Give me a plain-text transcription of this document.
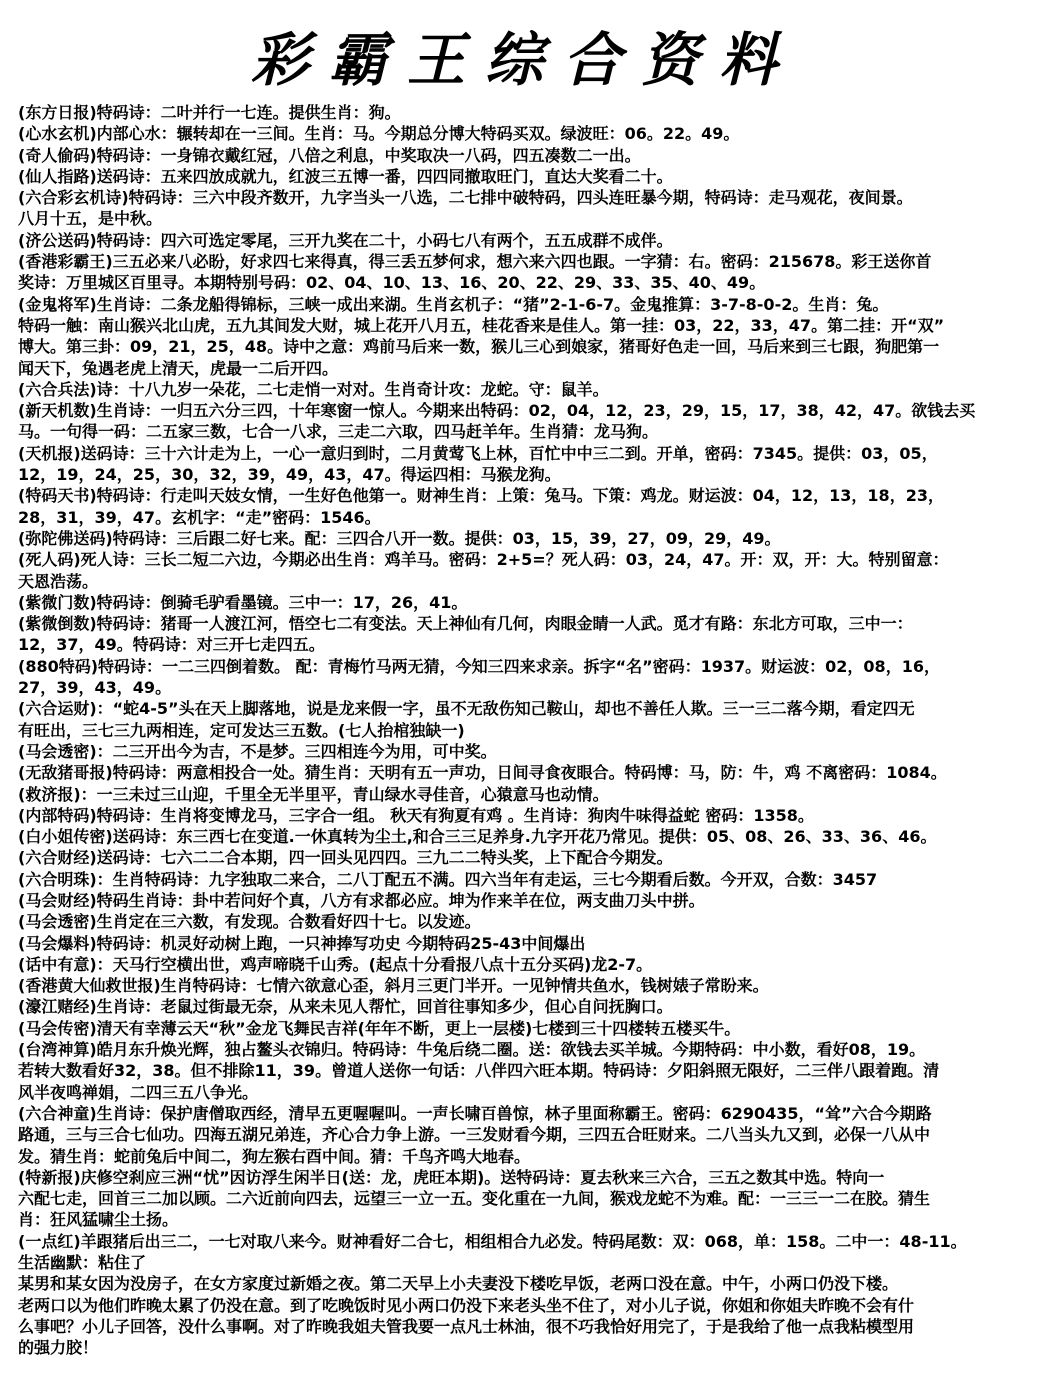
彩霸王综合资料
(东方日报)特码诗：二叶并行一七连。提供生肖：狗。
(心水玄机)内部心水：辗转却在一三间。生肖：马。今期总分博大特码买双。绿波旺：06。22。49。
(奇人偷码)特码诗：一身锦衣戴红冠，八倍之利息，中奖取决一八码，四五凑数二一出。
(仙人指路)送码诗：五来四放成就九，红波三五博一番，四四同撤取旺门，直达大奖看二十。
(六合彩玄机诗)特码诗：三六中段齐数开，九字当头一八选，二七排中破特码，四头连旺暴今期，特码诗：走马观花，夜间景。
八月十五，是中秋。
(济公送码)特码诗：四六可选定零尾，三开九奖在二十，小码七八有两个，五五成群不成伴。
(香港彩霸王)三五必来八必盼，好求四七来得真，得三丢五梦何求，想六来六四也跟。一字猜：右。密码：215678。彩王送你首
奖诗：万里城区百里寻。本期特别号码：02、04、10、13、16、20、22、29、33、35、40、49。
(金鬼将军)生肖诗：二条龙船得锦标，三峡一成出来湖。生肖玄机子：“猪”2-1-6-7。金鬼推算：3-7-8-0-2。生肖：兔。
特码一触：南山猴兴北山虎，五九其间发大财，城上花开八月五，桂花香来是佳人。第一挂：03，22，33，47。第二挂：开“双”
博大。第三卦：09，21，25，48。诗中之意：鸡前马后来一数，猴儿三心到娘家，猪哥好色走一回，马后来到三七跟，狗肥第一
闻天下，兔遇老虎上清天，虎最一二后开四。
(六合兵法)诗：十八九岁一朵花，二七走悄一对对。生肖奇计攻：龙蛇。守：鼠羊。
(新天机数)生肖诗：一归五六分三四，十年寒窗一惊人。今期来出特码：02，04，12，23，29，15，17，38，42，47。欲钱去买
马。一句得一码：二五家三数，七合一八求，三走二六取，四马赶羊年。生肖猜：龙马狗。
(天机报)送码诗：三十六计走为上，一心一意归到时，二月黄莺飞上林，百忙中中三二到。开单，密码：7345。提供：03，05，
12，19，24，25，30，32，39，49，43，47。得运四相：马猴龙狗。
(特码天书)特码诗：行走叫天妓女情，一生好色他第一。财神生肖：上策：兔马。下策：鸡龙。财运波：04，12，13，18，23，
28，31，39，47。玄机字：“走”密码：1546。
(弥陀佛送码)特码诗：三后跟二好七来。配：三四合八开一数。提供：03，15，39，27，09，29，49。
(死人码)死人诗：三长二短二六边，今期必出生肖：鸡羊马。密码：2+5=？死人码：03，24，47。开：双，开：大。特别留意：
天恩浩荡。
(紫微门数)特码诗：倒骑毛驴看墨镜。三中一：17，26，41。
(紫微倒数)特码诗：猪哥一人渡江河，悟空七二有变法。天上神仙有几何，肉眼金睛一人武。觅才有路：东北方可取，三中一：
12，37，49。特码诗：对三开七走四五。
(880特码)特码诗：一二三四倒着数。 配：青梅竹马两无猜，今知三四来求亲。拆字“名”密码：1937。财运波：02，08，16，
27，39，43，49。
(六合运财)：“蛇4-5”头在天上脚落地，说是龙来假一字，虽不无敌伤知己鞍山，却也不善任人欺。三一三二落今期，看定四无
有旺出，三七三九两相连，定可发达三五数。(七人抬棺独缺一)
(马会透密)：二三开出今为吉，不是梦。三四相连今为用，可中奖。
(无敌猪哥报)特码诗：两意相投合一处。猜生肖：天明有五一声功，日间寻食夜眼合。特码博：马，防：牛，鸡 不离密码：1084。
(救济报)：一三未过三山迎，千里全无半里平，青山绿水寻佳音，心猿意马也动情。
(内部特码)特码诗：生肖将变博龙马，三字合一组。 秋天有狗夏有鸡 。生肖诗：狗肉牛味得益蛇 密码：1358。
(白小姐传密)送码诗：东三西七在变道.一休真转为尘土,和合三三足养身.九字开花乃常见。提供：05、08、26、33、36、46。
(六合财经)送码诗：七六二二合本期，四一回头见四四。三九二二特头奖，上下配合今期发。
(六合明珠)：生肖特码诗：九字独取二来合，二八丁配五不满。四六当年有走运，三七今期看后数。今开双，合数：3457
(马会财经)特码生肖诗：卦中若问好个真，八方有求都必应。坤为作来羊在位，两支曲刀头中拼。
(马会透密)生肖定在三六数，有发现。合数看好四十七。以发迹。
(马会爆料)特码诗：机灵好动树上跑，一只神捧写功史 今期特码25-43中间爆出
(话中有意)：天马行空横出世，鸡声啼晓千山秀。(起点十分看报八点十五分买码)龙2-7。
(香港黄大仙救世报)生肖特码诗：七情六欲意心歪，斜月三更门半开。一见钟情共鱼水，钱树婊子常盼来。
(濠江赌经)生肖诗：老鼠过街最无奈，从来未见人帮忙，回首往事知多少，但心自问抚胸口。
(马会传密)清天有幸薄云天“秋”金龙飞舞民吉祥(年年不断，更上一层楼)七楼到三十四楼转五楼买牛。
(台湾神算)皓月东升焕光辉，独占鳌头衣锦归。特码诗：牛兔后绕二圈。送：欲钱去买羊城。今期特码：中小数，看好08，19。
若转大数看好32，38。但不排除11，39。曾道人送你一句话：八伴四六旺本期。特码诗：夕阳斜照无限好，二三伴八跟着跑。清
风半夜鸣禅娟，二四三五八争光。
(六合神童)生肖诗：保护唐僧取西经，清早五更喔喔叫。一声长啸百兽惊，林子里面称霸王。密码：6290435，“耸”六合今期路
路通，三与三合七仙功。四海五湖兄弟连，齐心合力争上游。一三发财看今期，三四五合旺财来。二八当头九又到，必保一八从中
发。猜生肖：蛇前兔后中间二，狗左猴右酉中间。猜：千鸟齐鸣大地春。
(特新报)庆修空刹应三洲“忧”因访浮生闲半日(送：龙，虎旺本期)。送特码诗：夏去秋来三六合，三五之数其中选。特向一
六配七走，回首三二加以顾。二六近前向四去，远望三一立一五。变化重在一九间，猴戏龙蛇不为难。配：一三三一二在胶。猜生
肖：狂风猛啸尘土扬。
(一点红)羊跟猪后出三二，一七对取八来今。财神看好二合七，相组相合九必发。特码尾数：双：068，单：158。二中一：48-11。
生活幽默：粘住了
某男和某女因为没房子，在女方家度过新婚之夜。第二天早上小夫妻没下楼吃早饭，老两口没在意。中午，小两口仍没下楼。
老两口以为他们昨晚太累了仍没在意。到了吃晚饭时见小两口仍没下来老头坐不住了，对小儿子说，你姐和你姐夫昨晚不会有什
么事吧？小儿子回答，没什么事啊。对了昨晚我姐夫管我要一点凡士林油，很不巧我恰好用完了，于是我给了他一点我粘模型用
的强力胶！
